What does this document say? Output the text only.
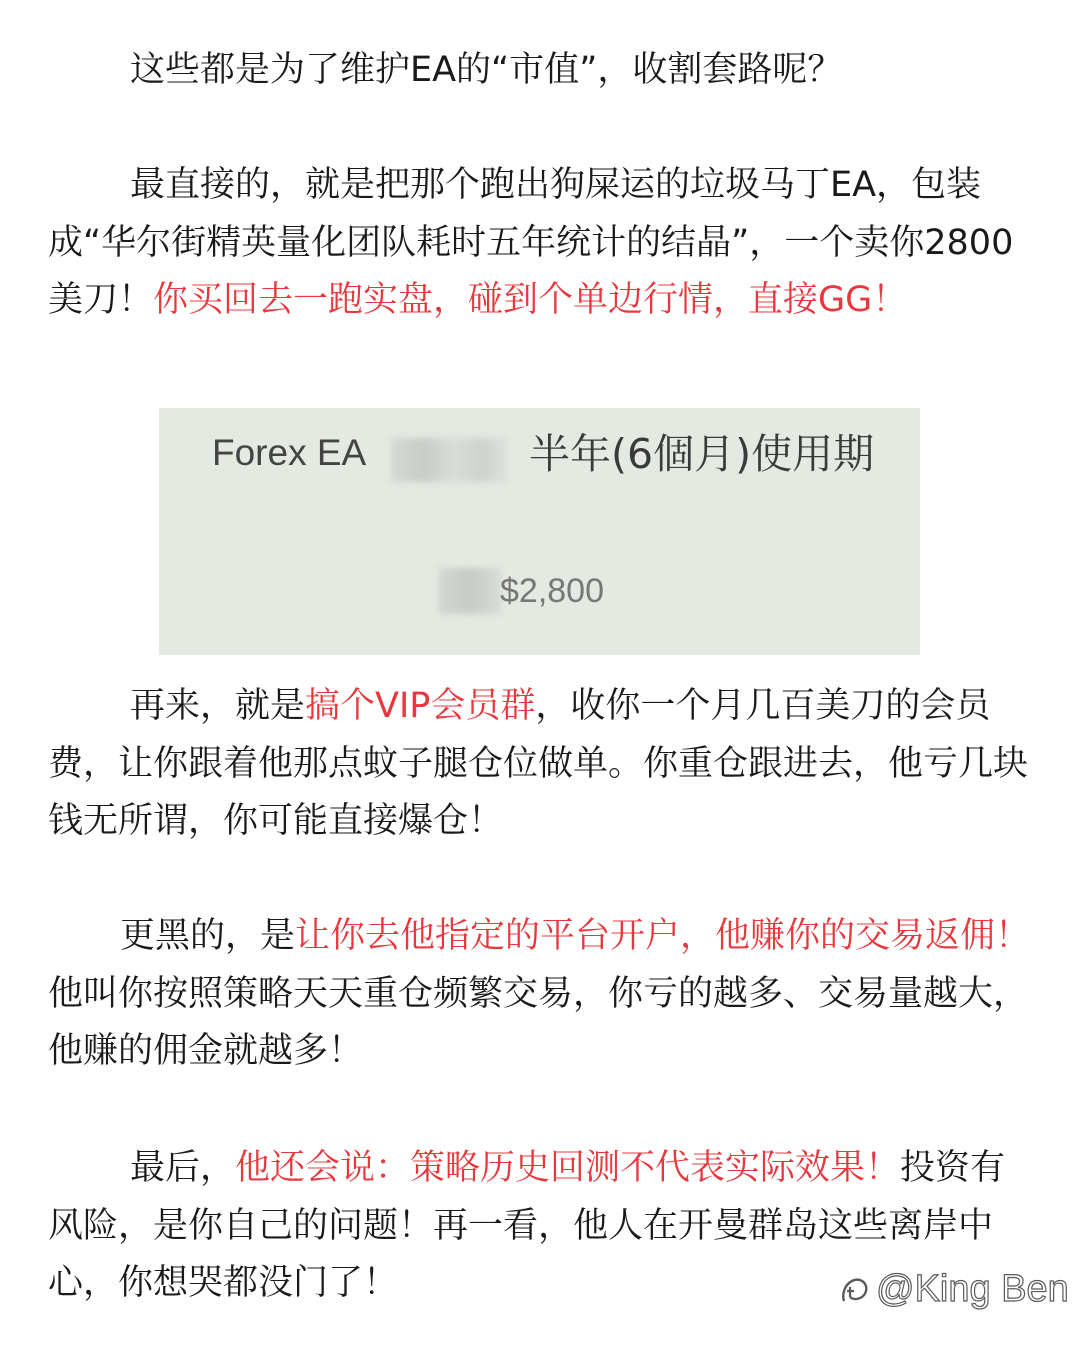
这些都是为了维护EA的“市值”，收割套路呢？

最直接的，就是把那个跑出狗屎运的垃圾马丁EA，包装成“华尔街精英量化团队耗时五年统计的结晶”，一个卖你2800美刀！你买回去一跑实盘，碰到个单边行情，直接GG！

Forex EA	半年(6個月)使用期
$2,800

再来，就是搞个VIP会员群，收你一个月几百美刀的会员费，让你跟着他那点蚊子腿仓位做单。你重仓跟进去，他亏几块钱无所谓，你可能直接爆仓！

更黑的，是让你去他指定的平台开户，他赚你的交易返佣！他叫你按照策略天天重仓频繁交易，你亏的越多、交易量越大，他赚的佣金就越多！

最后，他还会说：策略历史回测不代表实际效果！投资有风险，是你自己的问题！再一看，他人在开曼群岛这些离岸中心，你想哭都没门了！	@King Ben
